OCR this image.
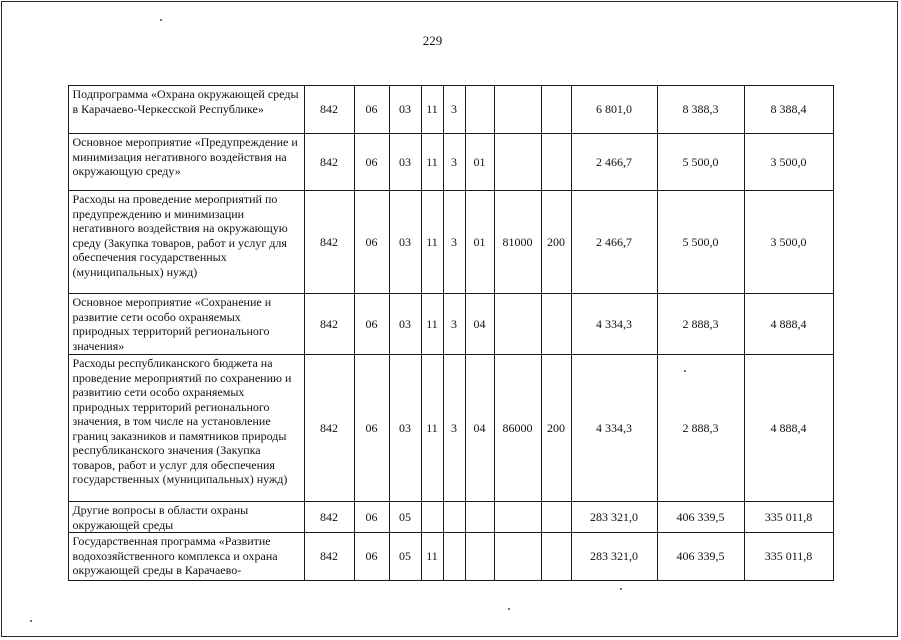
229
	Подпрограмма «Охрана окружающей среды в Карачаево-Черкесской Республике»	842	06	03	11	3				6 801,0	8 388,3	8 388,4
	Основное мероприятие «Предупреждение и минимизация негативного воздействия на окружающую среду»	842	06	03	11	3	01			2 466,7	5 500,0	3 500,0
	Расходы на проведение мероприятий по предупреждению и минимизации негативного воздействия на окружающую среду (Закупка товаров, работ и услуг для обеспечения государственных (муниципальных) нужд)	842	06	03	11	3	01	81000	200	2 466,7	5 500,0	3 500,0
	Основное мероприятие «Сохранение и развитие сети особо охраняемых природных территорий регионального значения»	842	06	03	11	3	04			4 334,3	2 888,3	4 888,4
	Расходы республиканского бюджета на проведение мероприятий по сохранению и развитию сети особо охраняемых природных территорий регионального значения, в том числе на установление границ заказников и памятников природы республиканского значения (Закупка товаров, работ и услуг для обеспечения государственных (муниципальных) нужд)	842	06	03	11	3	04	86000	200	4 334,3	2 888,3	4 888,4
	Другие вопросы в области охраны окружающей среды	842	06	05						283 321,0	406 339,5	335 011,8
	Государственная программа «Развитие водохозяйственного комплекса и охрана окружающей среды в Карачаево-	842	06	05	11					283 321,0	406 339,5	335 011,8
